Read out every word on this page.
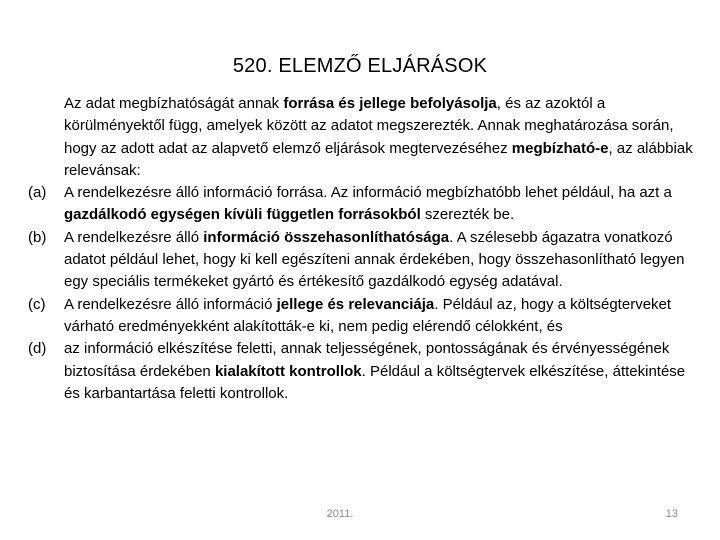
520. ELEMZŐ ELJÁRÁSOK
Az adat megbízhatóságát annak forrása és jellege befolyásolja, és az azoktól a körülményektől függ, amelyek között az adatot megszerezték. Annak meghatározása során, hogy az adott adat az alapvető elemző eljárások megtervezéséhez megbízható-e, az alábbiak relevánsak:
(a)	A rendelkezésre álló információ forrása. Az információ megbízhatóbb lehet például, ha azt a gazdálkodó egységen kívüli független forrásokból szerezték be.
(b)	A rendelkezésre álló információ összehasonlíthatósága. A szélesebb ágazatra vonatkozó adatot például lehet, hogy ki kell egészíteni annak érdekében, hogy összehasonlítható legyen egy speciális termékeket gyártó és értékesítő gazdálkodó egység adatával.
(c)	A rendelkezésre álló információ jellege és relevanciája. Például az, hogy a költségterveket várható eredményekként alakították-e ki, nem pedig elérendő célokként, és
(d)	az információ elkészítése feletti, annak teljességének, pontosságának és érvényességének biztosítása érdekében kialakított kontrollok. Például a költségtervek elkészítése, áttekintése és karbantartása feletti kontrollok.
2011.	13
